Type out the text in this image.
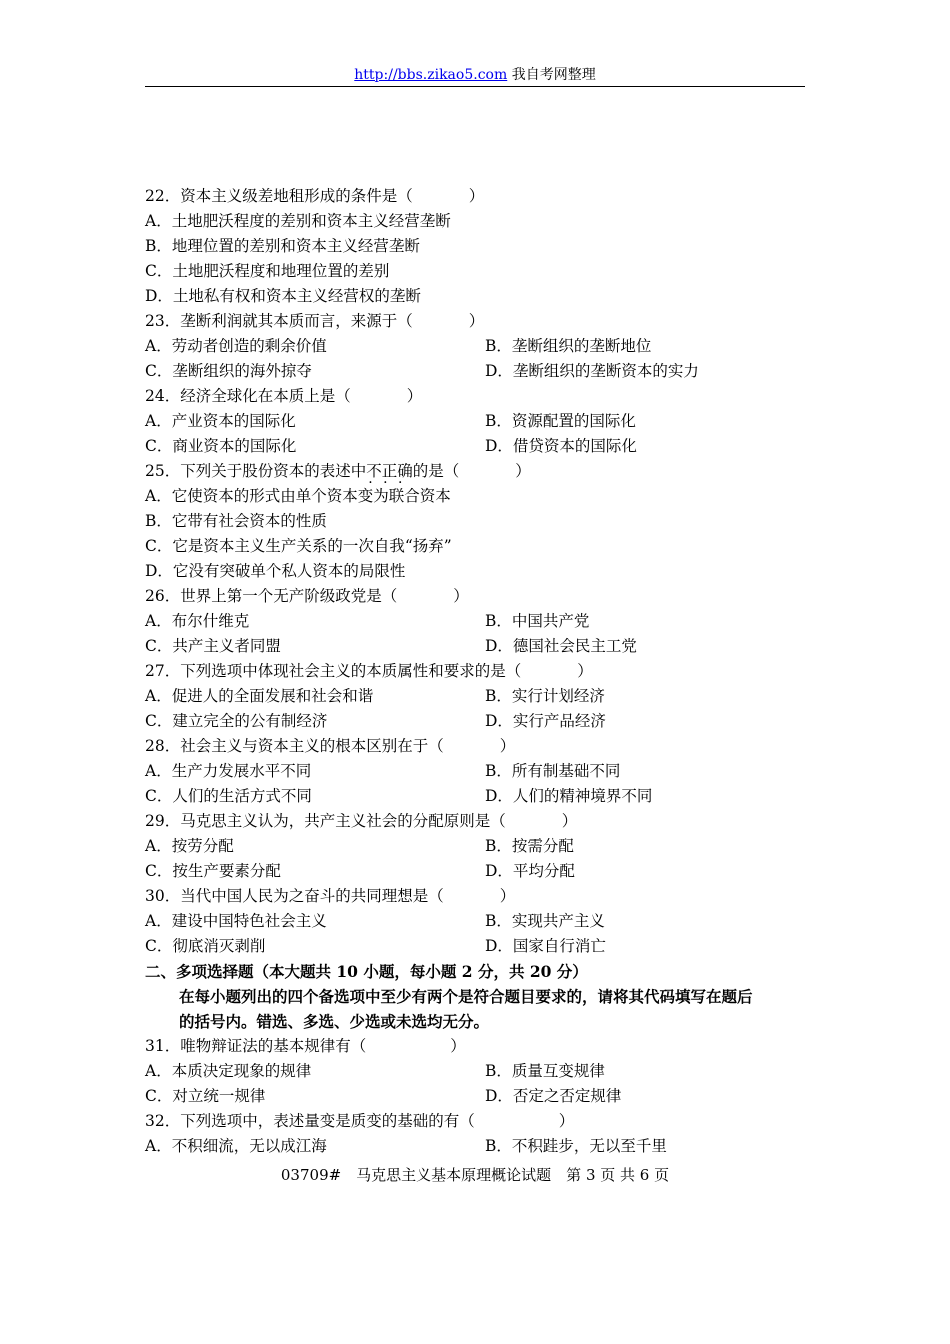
http://bbs.zikao5.com 我自考网整理
22．资本主义级差地租形成的条件是（	）
A．土地肥沃程度的差别和资本主义经营垄断
B．地理位置的差别和资本主义经营垄断
C．土地肥沃程度和地理位置的差别
D．土地私有权和资本主义经营权的垄断
23．垄断利润就其本质而言，来源于（	）
A．劳动者创造的剩余价值	B．垄断组织的垄断地位
C．垄断组织的海外掠夺	D．垄断组织的垄断资本的实力
24．经济全球化在本质上是（	）
A．产业资本的国际化	B．资源配置的国际化
C．商业资本的国际化	D．借贷资本的国际化
25．下列关于股份资本的表述中不正确 · · ·的是（	）
A．它使资本的形式由单个资本变为联合资本
B．它带有社会资本的性质
C．它是资本主义生产关系的一次自我“扬弃”
D．它没有突破单个私人资本的局限性
26．世界上第一个无产阶级政党是（	）
A．布尔什维克	B．中国共产党
C．共产主义者同盟	D．德国社会民主工党
27．下列选项中体现社会主义的本质属性和要求的是（	）
A．促进人的全面发展和社会和谐	B．实行计划经济
C．建立完全的公有制经济	D．实行产品经济
28．社会主义与资本主义的根本区别在于（	）
A．生产力发展水平不同	B．所有制基础不同
C．人们的生活方式不同	D．人们的精神境界不同
29．马克思主义认为，共产主义社会的分配原则是（	）
A．按劳分配	B．按需分配
C．按生产要素分配	D．平均分配
30．当代中国人民为之奋斗的共同理想是（	）
A．建设中国特色社会主义	B．实现共产主义
C．彻底消灭剥削	D．国家自行消亡
二、多项选择题（本大题共 10 小题，每小题 2 分，共 20 分）
在每小题列出的四个备选项中至少有两个是符合题目要求的，请将其代码填写在题后
的括号内。错选、多选、少选或未选均无分。
31．唯物辩证法的基本规律有（	）
A．本质决定现象的规律	B．质量互变规律
C．对立统一规律	D．否定之否定规律
32．下列选项中，表述量变是质变的基础的有（	）
A．不积细流，无以成江海	B．不积跬步，无以至千里
03709#　马克思主义基本原理概论试题　第 3 页 共 6 页
